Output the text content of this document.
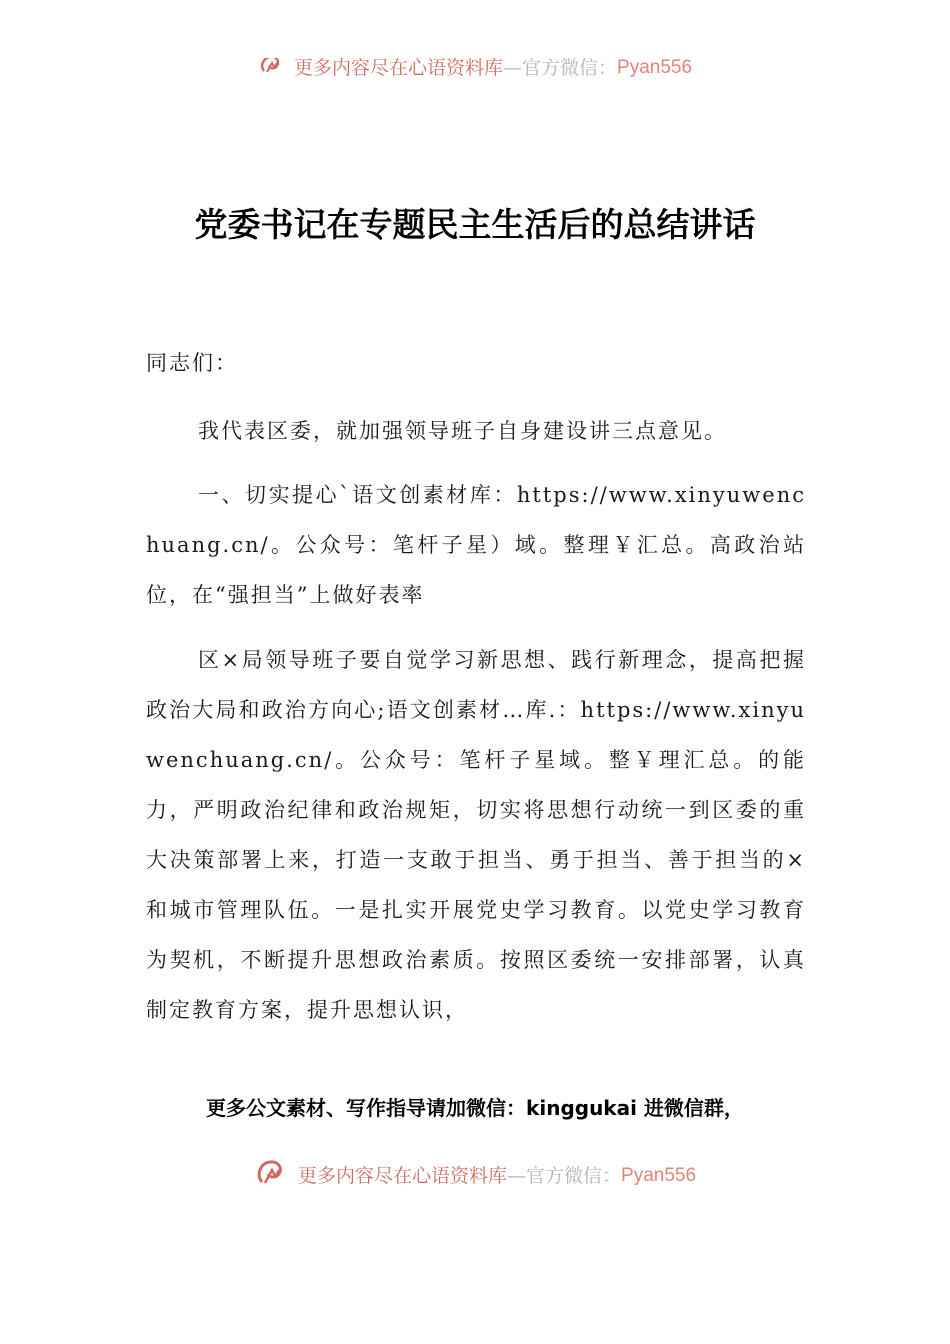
更多内容尽在心语资料库—官方微信：Pyan556
党委书记在专题民主生活后的总结讲话

同志们：

我代表区委，就加强领导班子自身建设讲三点意见。

一、切实提心`语文创素材库：https://www.xinyuwenchuang.cn/。公众号：笔杆子星）域。整理￥汇总。高政治站位，在“强担当”上做好表率

区×局领导班子要自觉学习新思想、践行新理念，提高把握政治大局和政治方向心;语文创素材…库.：https://www.xinyuwenchuang.cn/。公众号：笔杆子星域。整￥理汇总。的能力，严明政治纪律和政治规矩，切实将思想行动统一到区委的重大决策部署上来，打造一支敢于担当、勇于担当、善于担当的×和城市管理队伍。一是扎实开展党史学习教育。以党史学习教育为契机，不断提升思想政治素质。按照区委统一安排部署，认真制定教育方案，提升思想认识，

更多公文素材、写作指导请加微信：kinggukai 进微信群，

更多内容尽在心语资料库—官方微信：Pyan556
